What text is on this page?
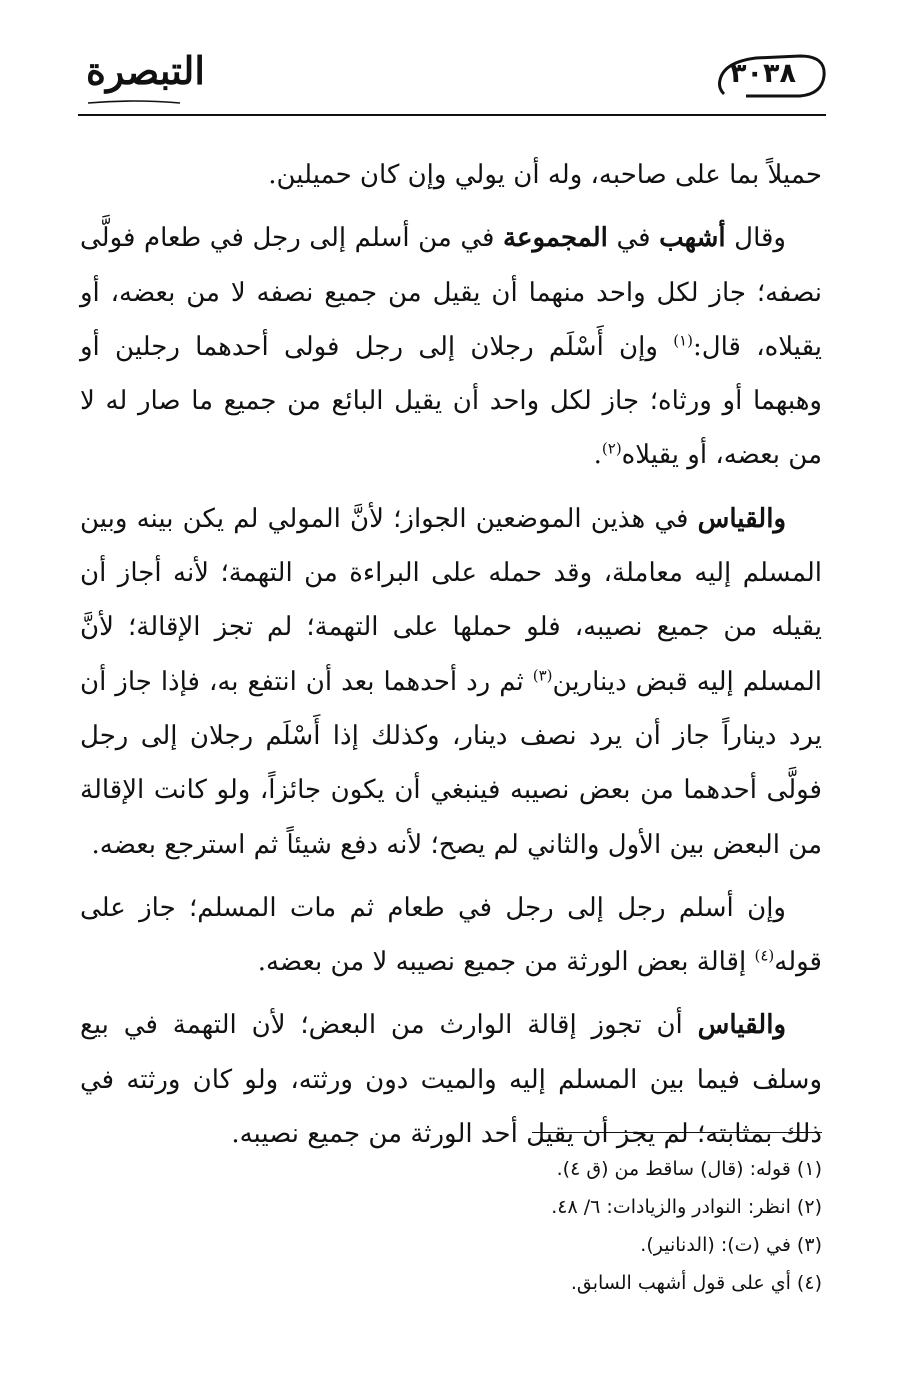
التبصرة	٣٠٣٨

حميلاً بما على صاحبه، وله أن يولي وإن كان حميلين.

وقال أشهب في المجموعة في من أسلم إلى رجل في طعام فولَّى نصفه؛ جاز لكل واحد منهما أن يقيل من جميع نصفه لا من بعضه، أو يقيلاه، قال:$^{(١)}$ وإن أَسْلَم رجلان إلى رجل فولى أحدهما رجلين أو وهبهما أو ورثاه؛ جاز لكل واحد أن يقيل البائع من جميع ما صار له لا من بعضه، أو يقيلاه$^{(٢)}$.

والقياس في هذين الموضعين الجواز؛ لأنَّ المولي لم يكن بينه وبين المسلم إليه معاملة، وقد حمله على البراءة من التهمة؛ لأنه أجاز أن يقيله من جميع نصيبه، فلو حملها على التهمة؛ لم تجز الإقالة؛ لأنَّ المسلم إليه قبض دينارين$^{(٣)}$ ثم رد أحدهما بعد أن انتفع به، فإذا جاز أن يرد ديناراً جاز أن يرد نصف دينار، وكذلك إذا أَسْلَم رجلان إلى رجل فولَّى أحدهما من بعض نصيبه فينبغي أن يكون جائزاً، ولو كانت الإقالة من البعض بين الأول والثاني لم يصح؛ لأنه دفع شيئاً ثم استرجع بعضه.

وإن أسلم رجل إلى رجل في طعام ثم مات المسلم؛ جاز على قوله$^{(٤)}$ إقالة بعض الورثة من جميع نصيبه لا من بعضه.

والقياس أن تجوز إقالة الوارث من البعض؛ لأن التهمة في بيع وسلف فيما بين المسلم إليه والميت دون ورثته، ولو كان ورثته في ذلك بمثابته؛ لم يجز أن يقيل أحد الورثة من جميع نصيبه.

(١) قوله: (قال) ساقط من (ق ٤).

(٢) انظر: النوادر والزيادات: ٦/ ٤٨.

(٣) في (ت): (الدنانير).

(٤) أي على قول أشهب السابق.
